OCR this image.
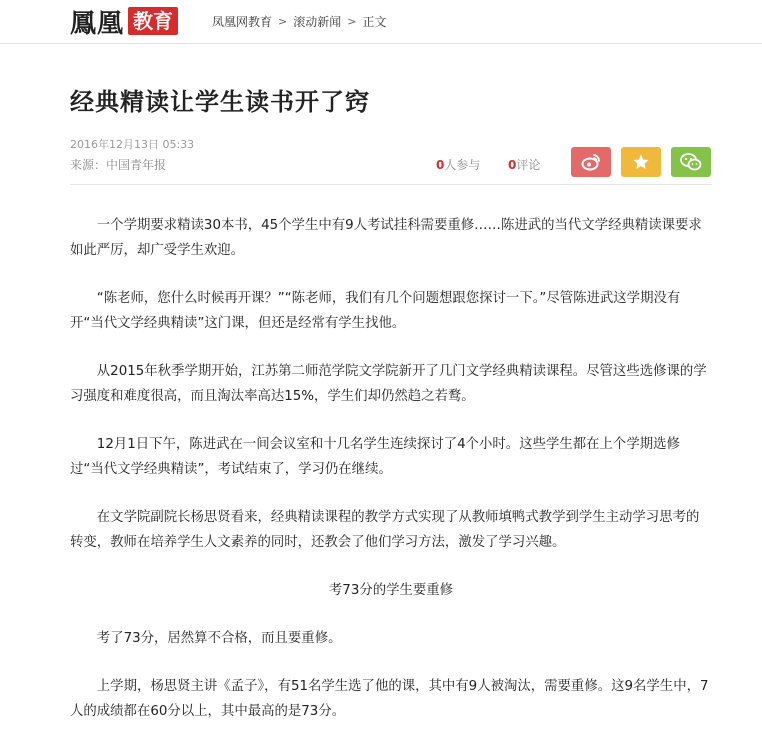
鳳凰 教育	凤凰网教育 > 滚动新闻 > 正文
经典精读让学生读书开了窍
2016年12月13日 05:33
来源：中国青年报	0人参与 0评论

一个学期要求精读30本书，45个学生中有9人考试挂科需要重修……陈进武的当代文学经典精读课要求如此严厉，却广受学生欢迎。

“陈老师，您什么时候再开课？”“陈老师，我们有几个问题想跟您探讨一下。”尽管陈进武这学期没有开“当代文学经典精读”这门课，但还是经常有学生找他。

从2015年秋季学期开始，江苏第二师范学院文学院新开了几门文学经典精读课程。尽管这些选修课的学习强度和难度很高，而且淘汰率高达15%，学生们却仍然趋之若鹜。

12月1日下午，陈进武在一间会议室和十几名学生连续探讨了4个小时。这些学生都在上个学期选修过“当代文学经典精读”，考试结束了，学习仍在继续。

在文学院副院长杨思贤看来，经典精读课程的教学方式实现了从教师填鸭式教学到学生主动学习思考的转变，教师在培养学生人文素养的同时，还教会了他们学习方法，激发了学习兴趣。

考73分的学生要重修

考了73分，居然算不合格，而且要重修。

上学期，杨思贤主讲《孟子》，有51名学生选了他的课，其中有9人被淘汰，需要重修。这9名学生中，7人的成绩都在60分以上，其中最高的是73分。
